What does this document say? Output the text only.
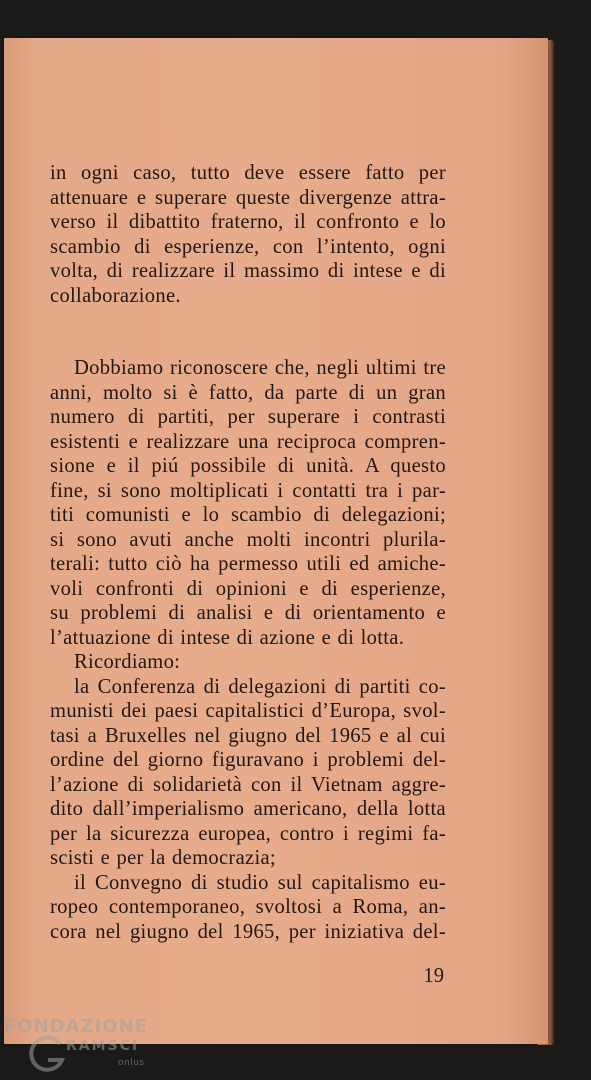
in ogni caso, tutto deve essere fatto per
attenuare e superare queste divergenze attra-
verso il dibattito fraterno, il confronto e lo
scambio di esperienze, con l’intento, ogni
volta, di realizzare il massimo di intese e di
collaborazione.

Dobbiamo riconoscere che, negli ultimi tre
anni, molto si è fatto, da parte di un gran
numero di partiti, per superare i contrasti
esistenti e realizzare una reciproca compren-
sione e il piú possibile di unità. A questo
fine, si sono moltiplicati i contatti tra i par-
titi comunisti e lo scambio di delegazioni;
si sono avuti anche molti incontri plurila-
terali: tutto ciò ha permesso utili ed amiche-
voli confronti di opinioni e di esperienze,
su problemi di analisi e di orientamento e
l’attuazione di intese di azione e di lotta.
Ricordiamo:
la Conferenza di delegazioni di partiti co-
munisti dei paesi capitalistici d’Europa, svol-
tasi a Bruxelles nel giugno del 1965 e al cui
ordine del giorno figuravano i problemi del-
l’azione di solidarietà con il Vietnam aggre-
dito dall’imperialismo americano, della lotta
per la sicurezza europea, contro i regimi fa-
scisti e per la democrazia;
il Convegno di studio sul capitalismo eu-
ropeo contemporaneo, svoltosi a Roma, an-
cora nel giugno del 1965, per iniziativa del-

19

FONDAZIONE
RAMSCI
onlus
